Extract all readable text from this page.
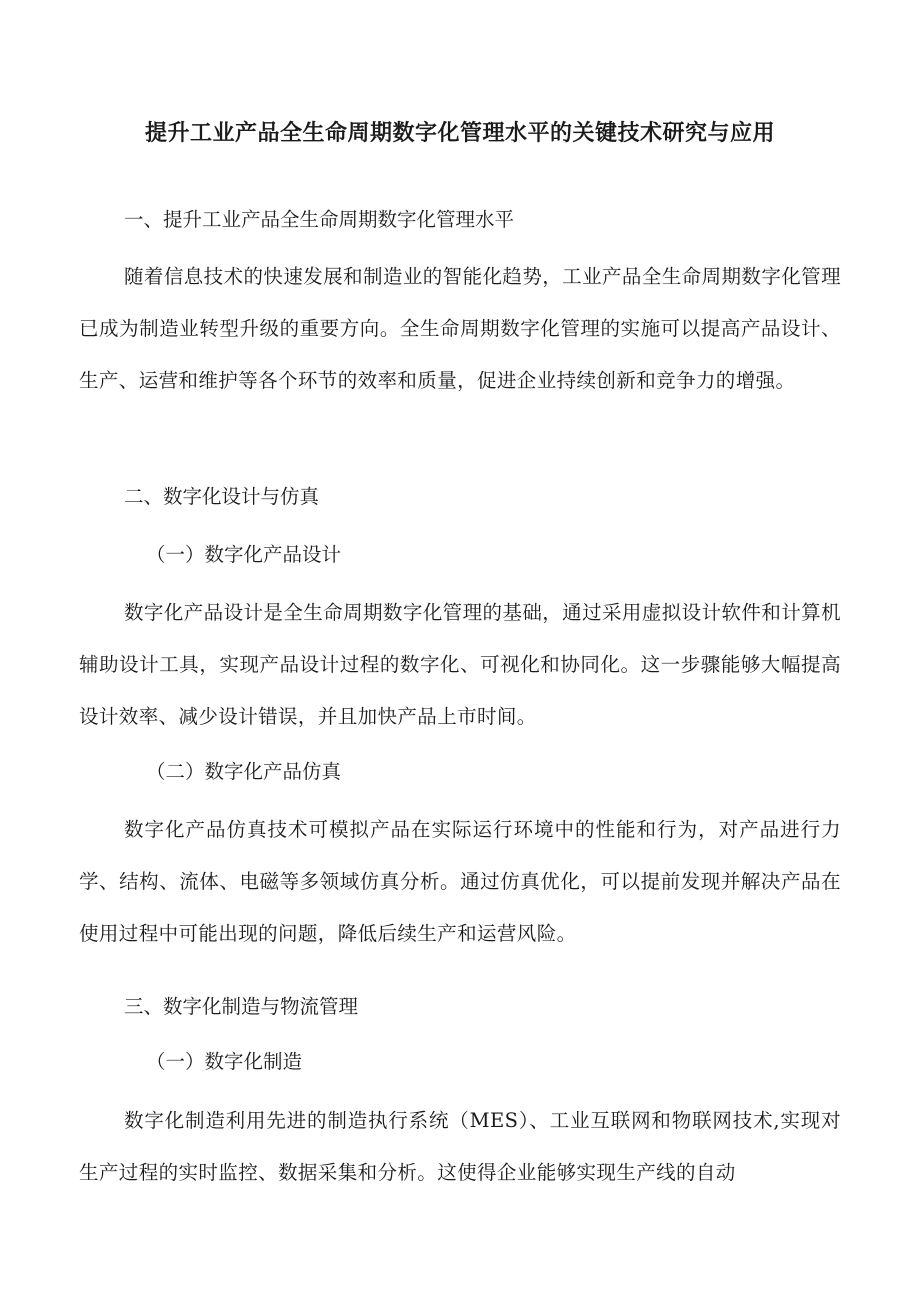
提升工业产品全生命周期数字化管理水平的关键技术研究与应用
一、提升工业产品全生命周期数字化管理水平
随着信息技术的快速发展和制造业的智能化趋势，工业产品全生命周期数字化管理已成为制造业转型升级的重要方向。全生命周期数字化管理的实施可以提高产品设计、生产、运营和维护等各个环节的效率和质量，促进企业持续创新和竞争力的增强。
二、数字化设计与仿真
（一）数字化产品设计
数字化产品设计是全生命周期数字化管理的基础，通过采用虚拟设计软件和计算机辅助设计工具，实现产品设计过程的数字化、可视化和协同化。这一步骤能够大幅提高设计效率、减少设计错误，并且加快产品上市时间。
（二）数字化产品仿真
数字化产品仿真技术可模拟产品在实际运行环境中的性能和行为，对产品进行力学、结构、流体、电磁等多领域仿真分析。通过仿真优化，可以提前发现并解决产品在使用过程中可能出现的问题，降低后续生产和运营风险。
三、数字化制造与物流管理
（一）数字化制造
数字化制造利用先进的制造执行系统（MES）、工业互联网和物联网技术,实现对生产过程的实时监控、数据采集和分析。这使得企业能够实现生产线的自动
